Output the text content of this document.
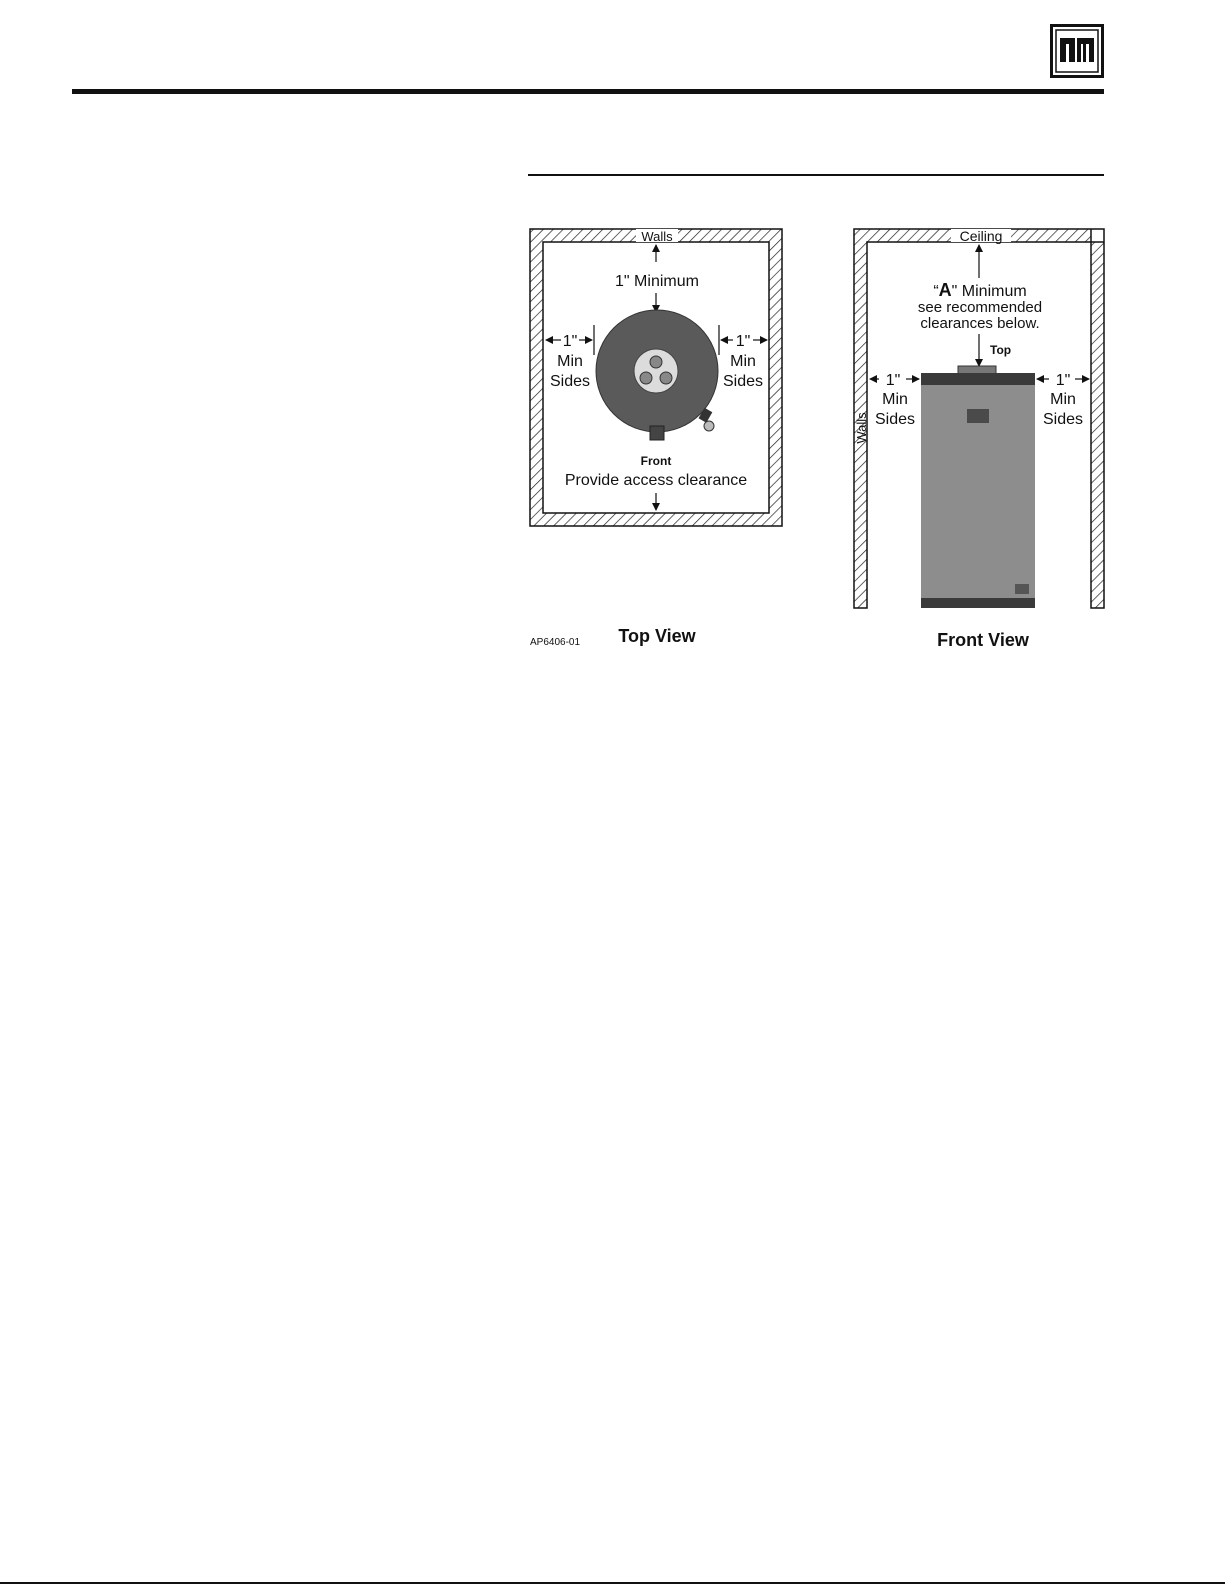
Walls
1" Minimum
1"
Min
Sides
1"
Min
Sides
Front
Provide access clearance
AP6406-01 Top View
Ceiling
“A" Minimum
see recommended
clearances below.
Top
Walls
1"
Min
Sides
1"
Min
Sides
Front View
